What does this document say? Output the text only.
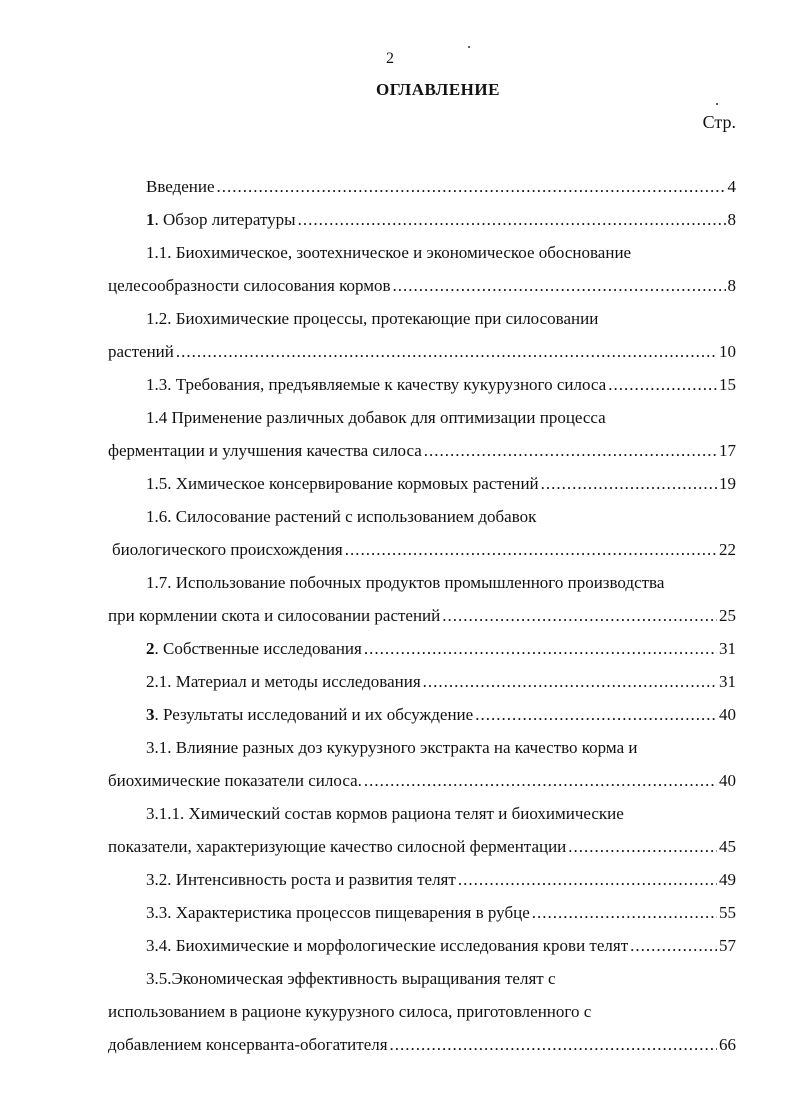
2
ОГЛАВЛЕНИЕ
Стр.
Введение .....	4
1. Обзор литературы .....	8
1.1. Биохимическое, зоотехническое и экономическое обоснование
целесообразности силосования кормов .....	8
1.2. Биохимические процессы, протекающие при силосовании
растений .....	10
1.3. Требования, предъявляемые к качеству кукурузного силоса .....	15
1.4 Применение различных добавок для оптимизации процесса
ферментации и улучшения качества силоса .....	17
1.5. Химическое консервирование кормовых растений .....	19
1.6. Силосование растений с использованием добавок
биологического происхождения .....	22
1.7. Использование побочных продуктов промышленного производства
при кормлении скота и силосовании растений .....	25
2. Собственные исследования .....	31
2.1. Материал и методы исследования .....	31
3. Результаты исследований и их обсуждение .....	40
3.1. Влияние разных доз кукурузного экстракта на качество корма и
биохимические показатели силоса. .....	40
3.1.1. Химический состав кормов рациона телят и биохимические
показатели, характеризующие качество силосной ферментации .....	45
3.2. Интенсивность роста и развития телят .....	49
3.3. Характеристика процессов пищеварения в рубце .....	55
3.4. Биохимические и морфологические исследования крови телят .....	57
3.5.Экономическая эффективность выращивания телят с
использованием в рационе кукурузного силоса, приготовленного с
добавлением консерванта-обогатителя .....	66
